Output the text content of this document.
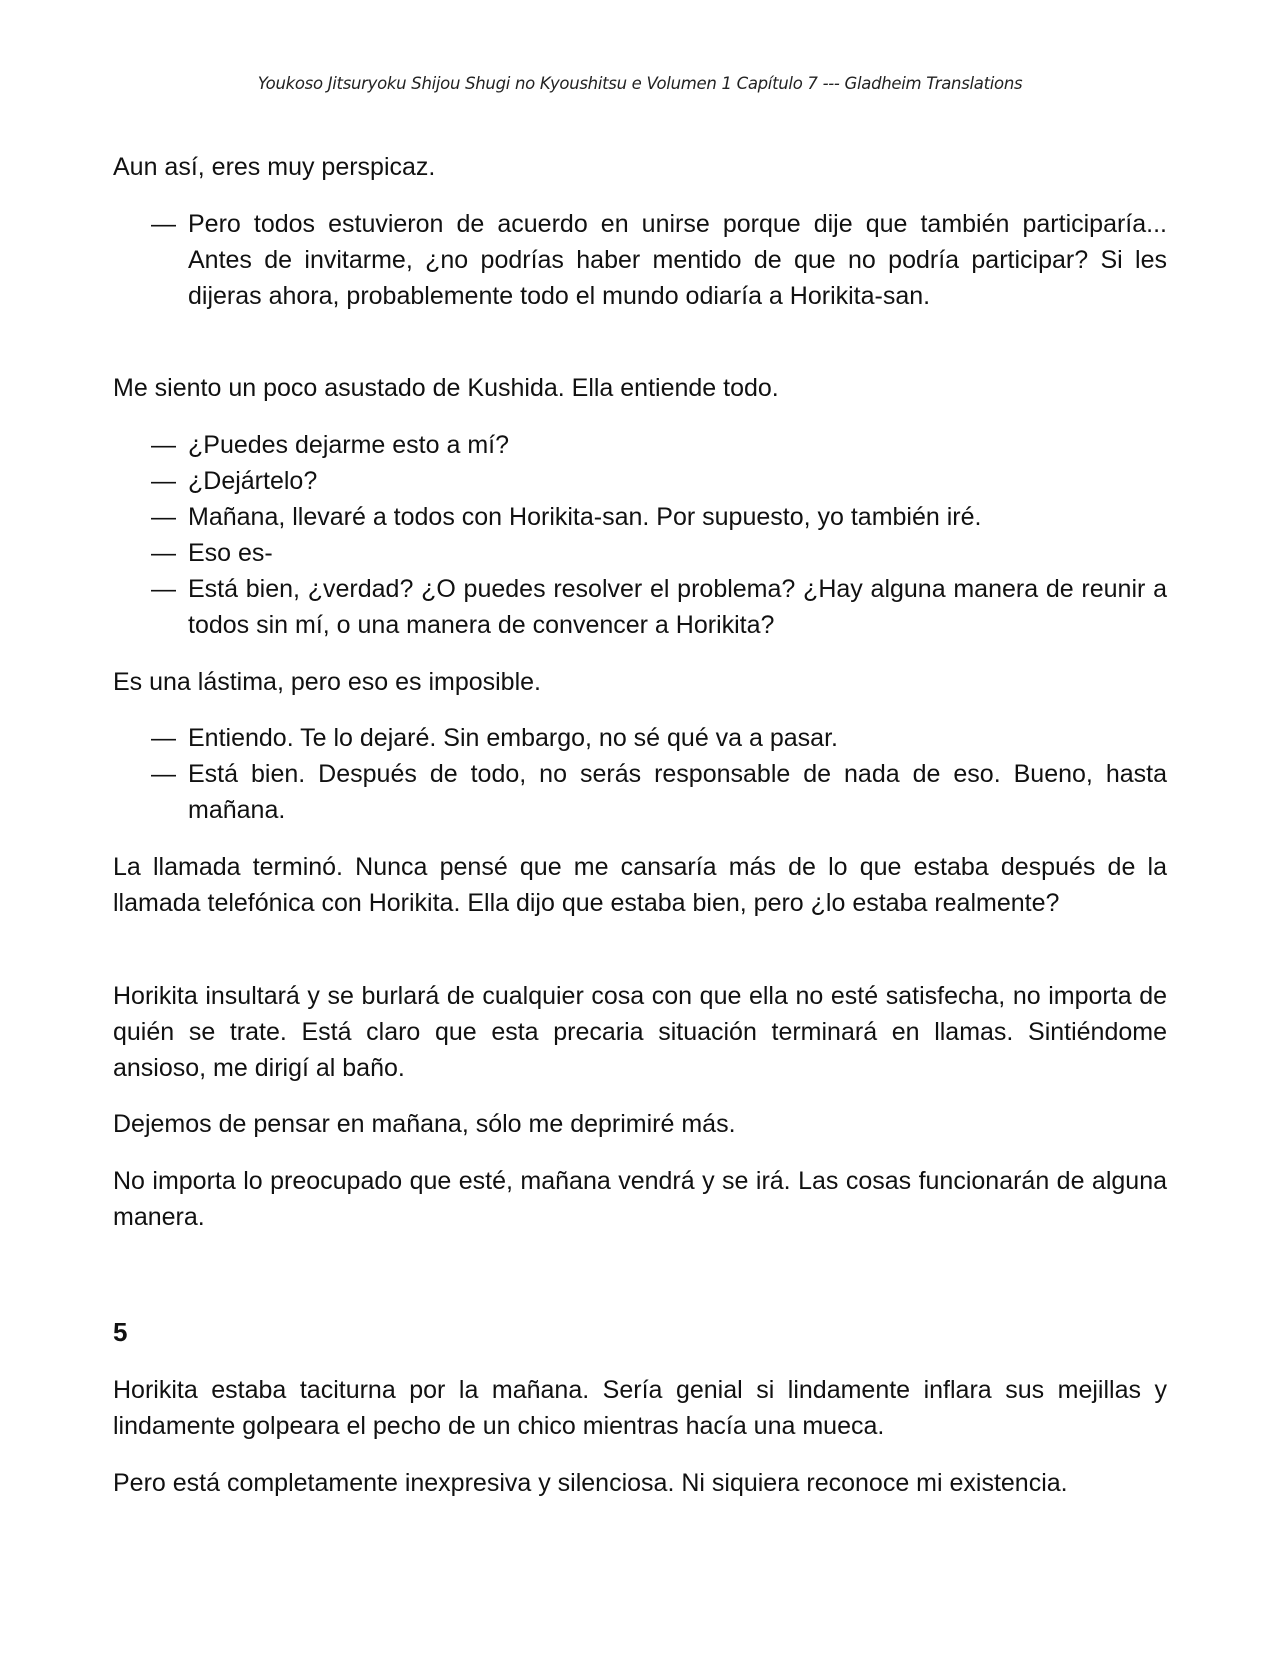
Youkoso Jitsuryoku Shijou Shugi no Kyoushitsu e Volumen 1 Capítulo 7 --- Gladheim Translations

Aun así, eres muy perspicaz.

— Pero todos estuvieron de acuerdo en unirse porque dije que también participaría... Antes de invitarme, ¿no podrías haber mentido de que no podría participar? Si les dijeras ahora, probablemente todo el mundo odiaría a Horikita-san.

Me siento un poco asustado de Kushida. Ella entiende todo.

— ¿Puedes dejarme esto a mí?
— ¿Dejártelo?
— Mañana, llevaré a todos con Horikita-san. Por supuesto, yo también iré.
— Eso es-
— Está bien, ¿verdad? ¿O puedes resolver el problema? ¿Hay alguna manera de reunir a todos sin mí, o una manera de convencer a Horikita?

Es una lástima, pero eso es imposible.

— Entiendo. Te lo dejaré. Sin embargo, no sé qué va a pasar.
— Está bien. Después de todo, no serás responsable de nada de eso. Bueno, hasta mañana.

La llamada terminó. Nunca pensé que me cansaría más de lo que estaba después de la llamada telefónica con Horikita. Ella dijo que estaba bien, pero ¿lo estaba realmente?

Horikita insultará y se burlará de cualquier cosa con que ella no esté satisfecha, no importa de quién se trate. Está claro que esta precaria situación terminará en llamas. Sintiéndome ansioso, me dirigí al baño.

Dejemos de pensar en mañana, sólo me deprimiré más.

No importa lo preocupado que esté, mañana vendrá y se irá. Las cosas funcionarán de alguna manera.

5

Horikita estaba taciturna por la mañana. Sería genial si lindamente inflara sus mejillas y lindamente golpeara el pecho de un chico mientras hacía una mueca.

Pero está completamente inexpresiva y silenciosa. Ni siquiera reconoce mi existencia.
